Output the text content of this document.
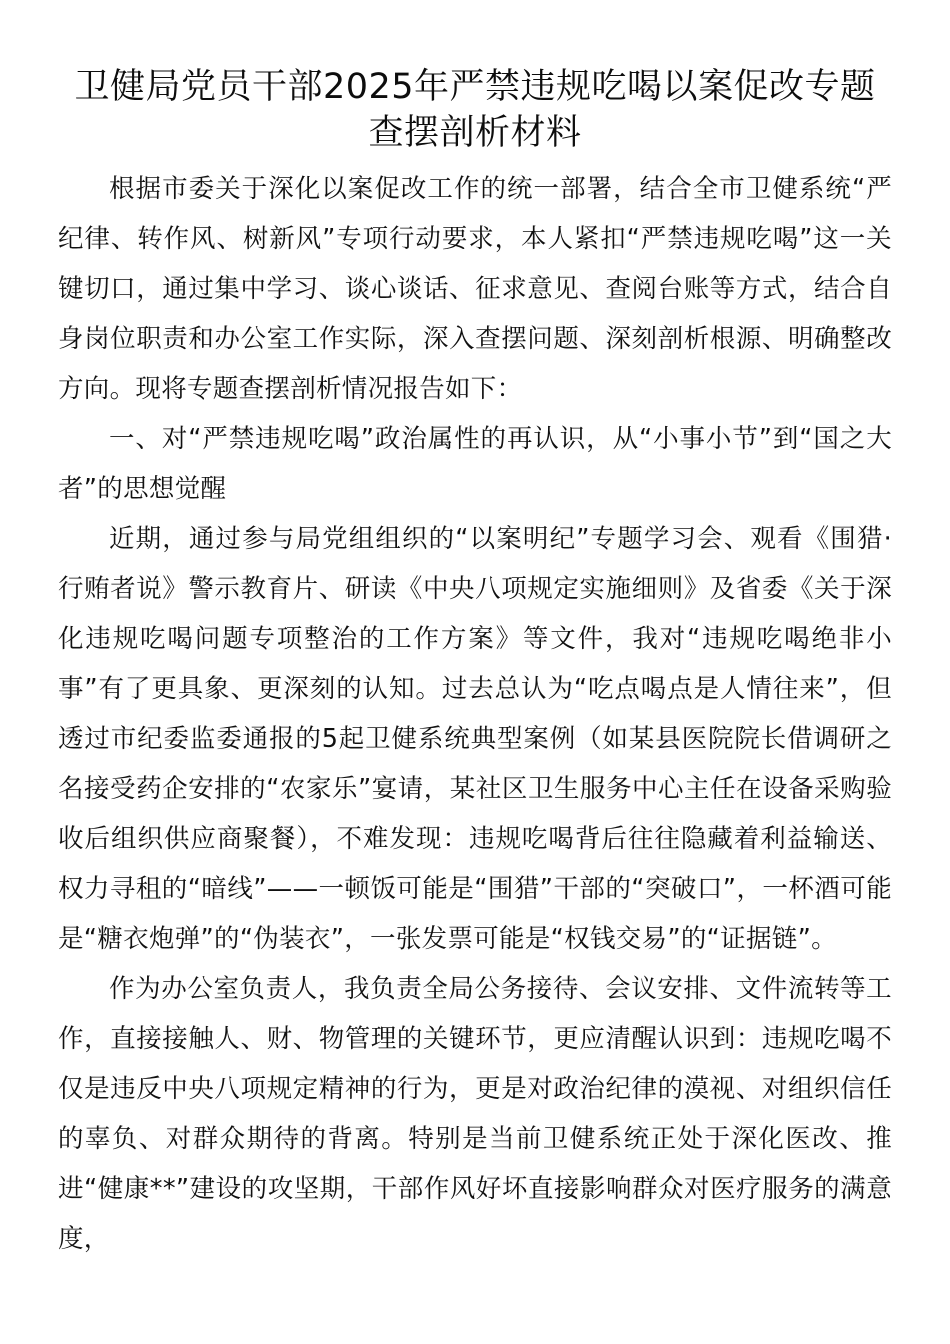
卫健局党员干部2025年严禁违规吃喝以案促改专题
查摆剖析材料

根据市委关于深化以案促改工作的统一部署，结合全市卫健系统“严纪律、转作风、树新风”专项行动要求，本人紧扣“严禁违规吃喝”这一关键切口，通过集中学习、谈心谈话、征求意见、查阅台账等方式，结合自身岗位职责和办公室工作实际，深入查摆问题、深刻剖析根源、明确整改方向。现将专题查摆剖析情况报告如下：

一、对“严禁违规吃喝”政治属性的再认识，从“小事小节”到“国之大者”的思想觉醒

近期，通过参与局党组组织的“以案明纪”专题学习会、观看《围猎·行贿者说》警示教育片、研读《中央八项规定实施细则》及省委《关于深化违规吃喝问题专项整治的工作方案》等文件，我对“违规吃喝绝非小事”有了更具象、更深刻的认知。过去总认为“吃点喝点是人情往来”，但透过市纪委监委通报的5起卫健系统典型案例（如某县医院院长借调研之名接受药企安排的“农家乐”宴请，某社区卫生服务中心主任在设备采购验收后组织供应商聚餐），不难发现：违规吃喝背后往往隐藏着利益输送、权力寻租的“暗线”——一顿饭可能是“围猎”干部的“突破口”，一杯酒可能是“糖衣炮弹”的“伪装衣”，一张发票可能是“权钱交易”的“证据链”。

作为办公室负责人，我负责全局公务接待、会议安排、文件流转等工作，直接接触人、财、物管理的关键环节，更应清醒认识到：违规吃喝不仅是违反中央八项规定精神的行为，更是对政治纪律的漠视、对组织信任的辜负、对群众期待的背离。特别是当前卫健系统正处于深化医改、推进“健康**”建设的攻坚期，干部作风好坏直接影响群众对医疗服务的满意度，
